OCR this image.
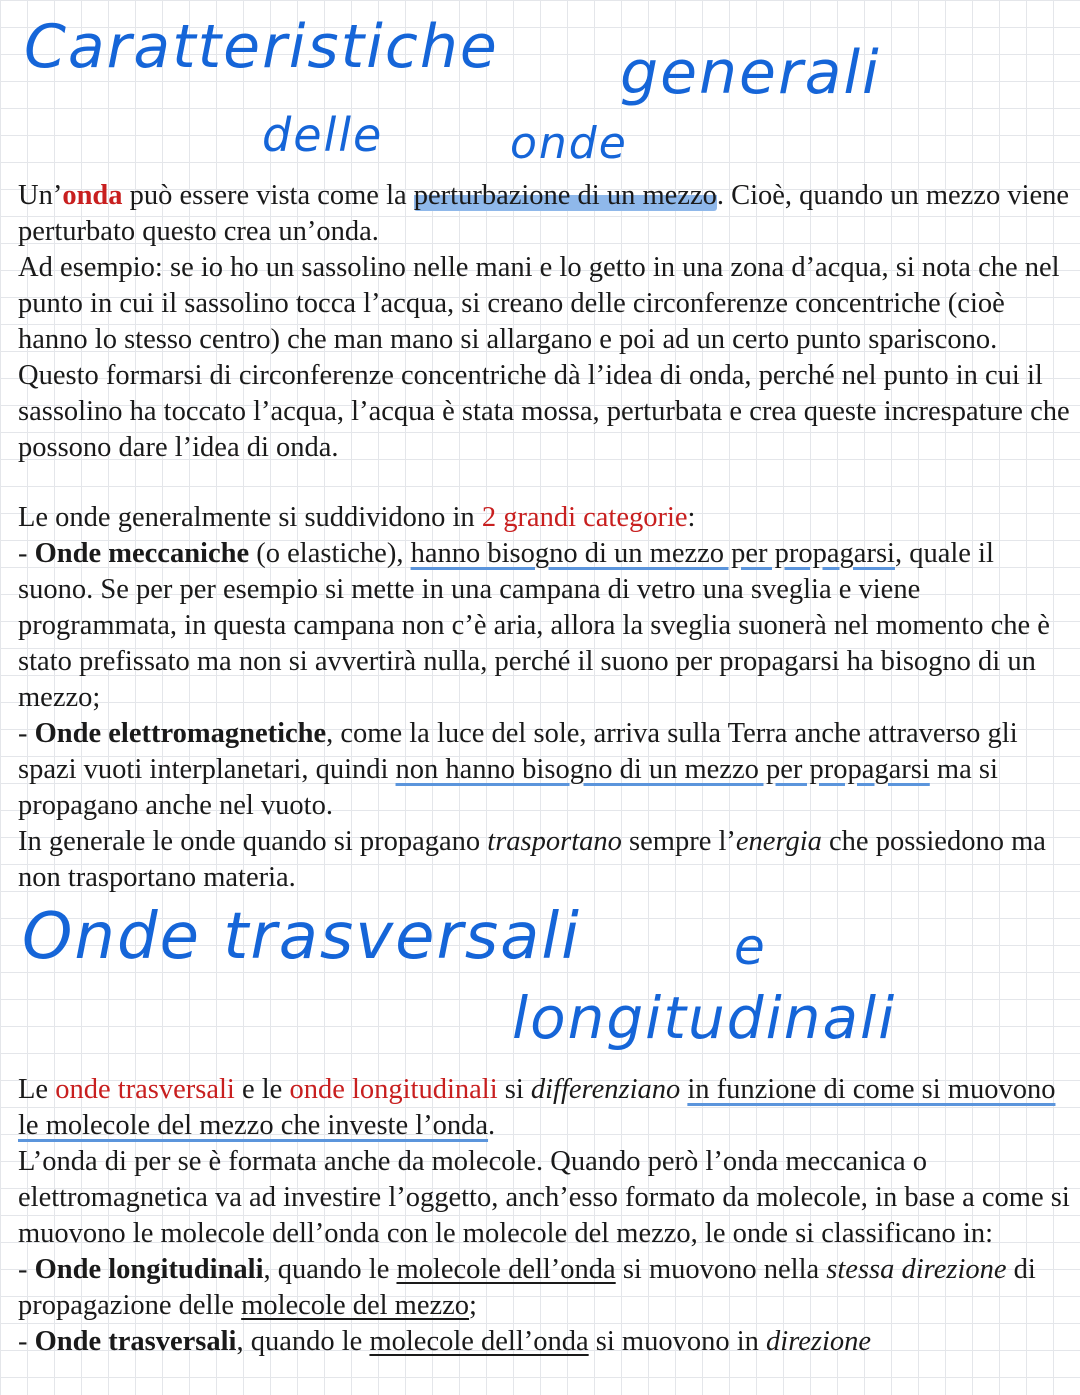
Caratteristiche generali
delle	onde

Un’onda può essere vista come la perturbazione di un mezzo. Cioè, quando un mezzo viene perturbato questo crea un’onda.

Ad esempio: se io ho un sassolino nelle mani e lo getto in una zona d’acqua, si nota che nel punto in cui il sassolino tocca l’acqua, si creano delle circonferenze concentriche (cioè hanno lo stesso centro) che man mano si allargano e poi ad un certo punto spariscono. Questo formarsi di circonferenze concentriche dà l’idea di onda, perché nel punto in cui il sassolino ha toccato l’acqua, l’acqua è stata mossa, perturbata e crea queste increspature che possono dare l’idea di onda.

Le onde generalmente si suddividono in 2 grandi categorie:

- Onde meccaniche (o elastiche), hanno bisogno di un mezzo per propagarsi, quale il suono. Se per per esempio si mette in una campana di vetro una sveglia e viene programmata, in questa campana non c’è aria, allora la sveglia suonerà nel momento che è stato prefissato ma non si avvertirà nulla, perché il suono per propagarsi ha bisogno di un mezzo;

- Onde elettromagnetiche, come la luce del sole, arriva sulla Terra anche attraverso gli spazi vuoti interplanetari, quindi non hanno bisogno di un mezzo per propagarsi ma si propagano anche nel vuoto.

In generale le onde quando si propagano trasportano sempre l’energia che possiedono ma non trasportano materia.

Onde trasversali	e
longitudinali

Le onde trasversali e le onde longitudinali si differenziano in funzione di come si muovono le molecole del mezzo che investe l’onda.

L’onda di per se è formata anche da molecole. Quando però l’onda meccanica o elettromagnetica va ad investire l’oggetto, anch’esso formato da molecole, in base a come si muovono le molecole dell’onda con le molecole del mezzo, le onde si classificano in:

- Onde longitudinali, quando le molecole dell’onda si muovono nella stessa direzione di propagazione delle molecole del mezzo;

- Onde trasversali, quando le molecole dell’onda si muovono in direzione
